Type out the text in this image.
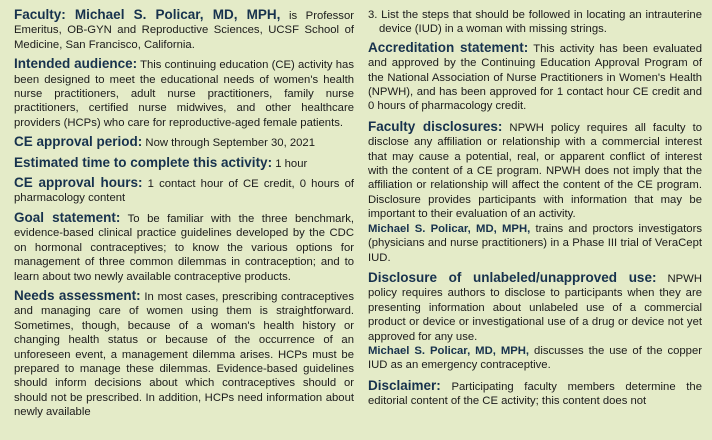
Faculty: Michael S. Policar, MD, MPH, is Professor Emeritus, OB-GYN and Reproductive Sciences, UCSF School of Medicine, San Francisco, California.

Intended audience: This continuing education (CE) activity has been designed to meet the educational needs of women's health nurse practitioners, adult nurse practitioners, family nurse practitioners, certified nurse midwives, and other healthcare providers (HCPs) who care for reproductive-aged female patients.

CE approval period: Now through September 30, 2021

Estimated time to complete this activity: 1 hour

CE approval hours: 1 contact hour of CE credit, 0 hours of pharmacology content

Goal statement: To be familiar with the three benchmark, evidence-based clinical practice guidelines developed by the CDC on hormonal contraceptives; to know the various options for management of three common dilemmas in contraception; and to learn about two newly available contraceptive products.

Needs assessment: In most cases, prescribing contraceptives and managing care of women using them is straightforward. Sometimes, though, because of a woman's health history or changing health status or because of the occurrence of an unforeseen event, a management dilemma arises. HCPs must be prepared to manage these dilemmas. Evidence-based guidelines should inform decisions about which contraceptives should or should not be prescribed. In addition, HCPs need information about newly available

3. List the steps that should be followed in locating an intrauterine device (IUD) in a woman with missing strings.

Accreditation statement: This activity has been evaluated and approved by the Continuing Education Approval Program of the National Association of Nurse Practitioners in Women's Health (NPWH), and has been approved for 1 contact hour CE credit and 0 hours of pharmacology credit.

Faculty disclosures: NPWH policy requires all faculty to disclose any affiliation or relationship with a commercial interest that may cause a potential, real, or apparent conflict of interest with the content of a CE program. NPWH does not imply that the affiliation or relationship will affect the content of the CE program. Disclosure provides participants with information that may be important to their evaluation of an activity.

Michael S. Policar, MD, MPH, trains and proctors investigators (physicians and nurse practitioners) in a Phase III trial of VeraCept IUD.

Disclosure of unlabeled/unapproved use: NPWH policy requires authors to disclose to participants when they are presenting information about unlabeled use of a commercial product or device or investigational use of a drug or device not yet approved for any use.

Michael S. Policar, MD, MPH, discusses the use of the copper IUD as an emergency contraceptive.

Disclaimer: Participating faculty members determine the editorial content of the CE activity; this content does not
